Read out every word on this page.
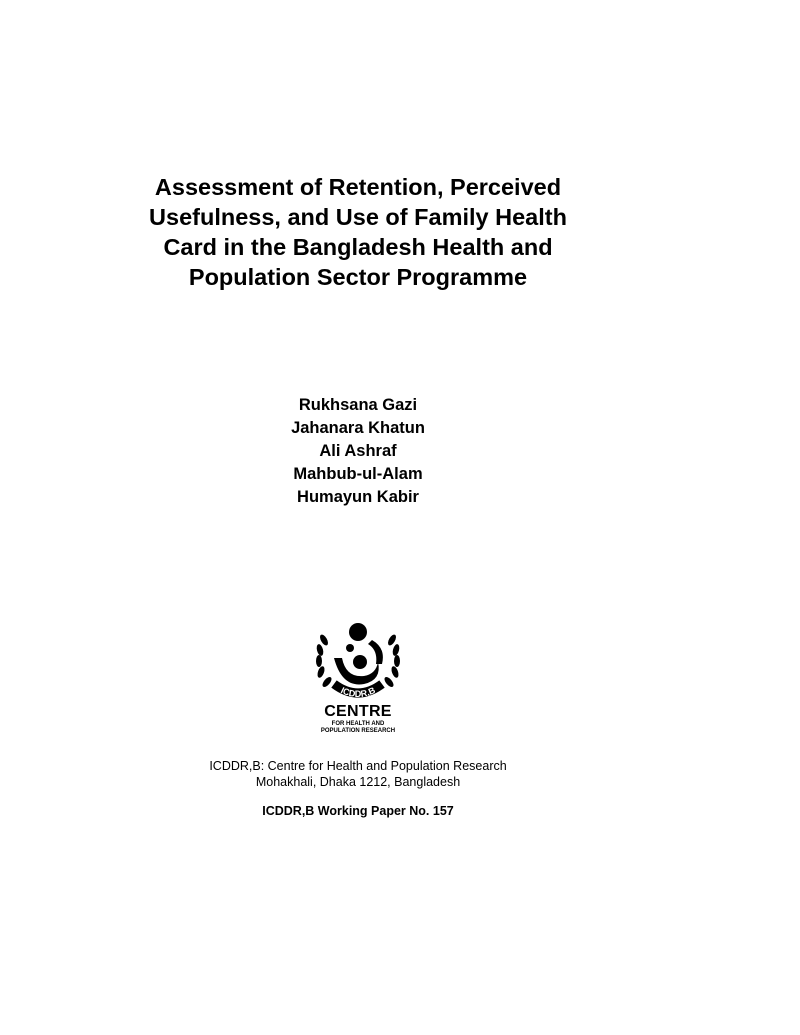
Assessment of Retention, Perceived
Usefulness, and Use of Family Health
Card in the Bangladesh Health and
Population Sector Programme
Rukhsana Gazi
Jahanara Khatun
Ali Ashraf
Mahbub-ul-Alam
Humayun Kabir
ICDDR,B
CENTRE
FOR HEALTH AND
POPULATION RESEARCH
ICDDR,B: Centre for Health and Population Research
Mohakhali, Dhaka 1212, Bangladesh
ICDDR,B Working Paper No. 157
